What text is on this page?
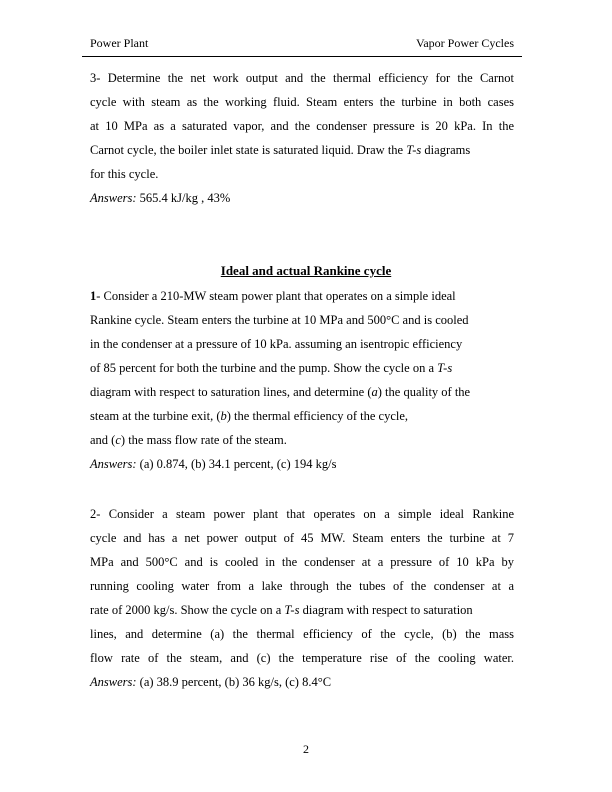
Power Plant	Vapor Power Cycles
3- Determine the net work output and the thermal efficiency for the Carnot
cycle with steam as the working fluid. Steam enters the turbine in both cases
at 10 MPa as a saturated vapor, and the condenser pressure is 20 kPa. In the
Carnot cycle, the boiler inlet state is saturated liquid. Draw the T-s diagrams
for this cycle.
Answers: 565.4 kJ/kg , 43%
Ideal and actual Rankine cycle
1- Consider a 210-MW steam power plant that operates on a simple ideal
Rankine cycle. Steam enters the turbine at 10 MPa and 500°C and is cooled
in the condenser at a pressure of 10 kPa. assuming an isentropic efficiency
of 85 percent for both the turbine and the pump. Show the cycle on a T-s
diagram with respect to saturation lines, and determine (a) the quality of the
steam at the turbine exit, (b) the thermal efficiency of the cycle,
and (c) the mass flow rate of the steam.
Answers: (a) 0.874, (b) 34.1 percent, (c) 194 kg/s
2- Consider a steam power plant that operates on a simple ideal Rankine
cycle and has a net power output of 45 MW. Steam enters the turbine at 7
MPa and 500°C and is cooled in the condenser at a pressure of 10 kPa by
running cooling water from a lake through the tubes of the condenser at a
rate of 2000 kg/s. Show the cycle on a T-s diagram with respect to saturation
lines, and determine (a) the thermal efficiency of the cycle, (b) the mass
flow rate of the steam, and (c) the temperature rise of the cooling water.
Answers: (a) 38.9 percent, (b) 36 kg/s, (c) 8.4°C
2
